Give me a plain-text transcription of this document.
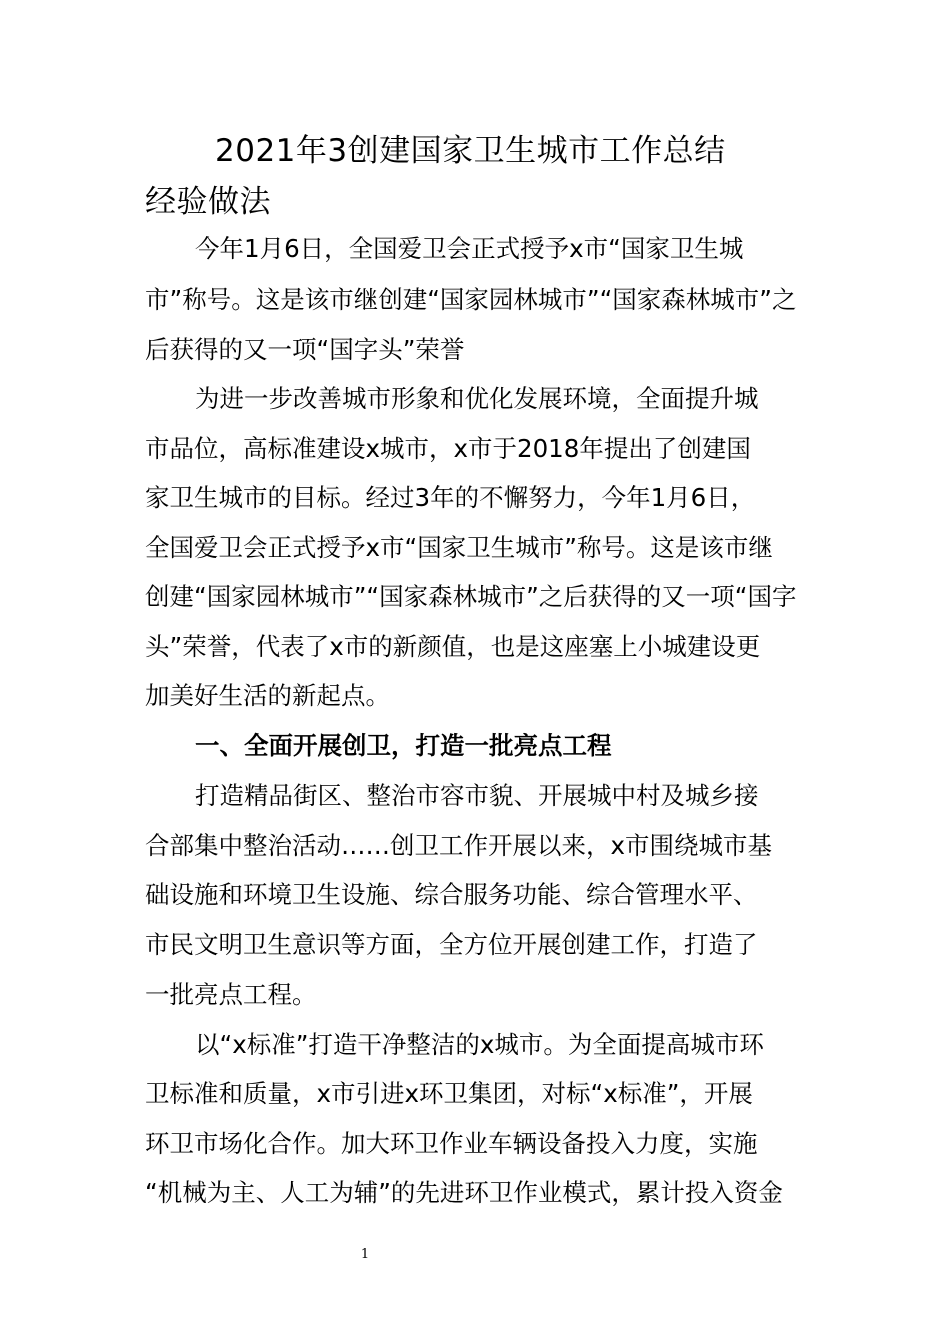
2021年3创建国家卫生城市工作总结
经验做法
今年1月6日，全国爱卫会正式授予x市“国家卫生城
市”称号。这是该市继创建“国家园林城市”“国家森林城市”之
后获得的又一项“国字头”荣誉
为进一步改善城市形象和优化发展环境，全面提升城
市品位，高标准建设x城市，x市于2018年提出了创建国
家卫生城市的目标。经过3年的不懈努力，今年1月6日，
全国爱卫会正式授予x市“国家卫生城市”称号。这是该市继
创建“国家园林城市”“国家森林城市”之后获得的又一项“国字
头”荣誉，代表了x市的新颜值，也是这座塞上小城建设更
加美好生活的新起点。
一、全面开展创卫，打造一批亮点工程
打造精品街区、整治市容市貌、开展城中村及城乡接
合部集中整治活动……创卫工作开展以来，x市围绕城市基
础设施和环境卫生设施、综合服务功能、综合管理水平、
市民文明卫生意识等方面，全方位开展创建工作，打造了
一批亮点工程。
以“x标准”打造干净整洁的x城市。为全面提高城市环
卫标准和质量，x市引进x环卫集团，对标“x标准”，开展
环卫市场化合作。加大环卫作业车辆设备投入力度，实施
“机械为主、人工为辅”的先进环卫作业模式，累计投入资金
1
